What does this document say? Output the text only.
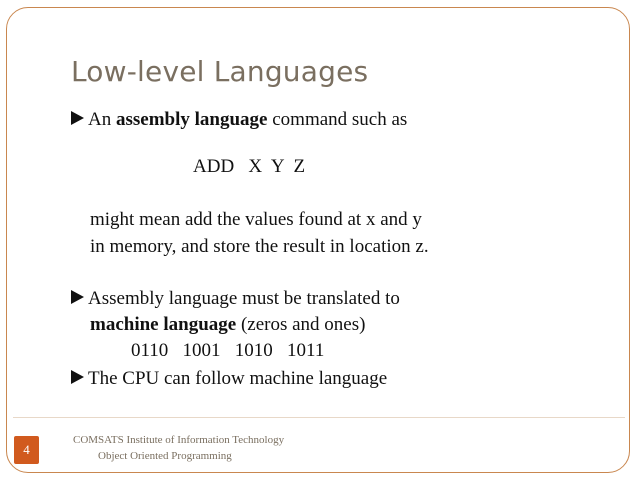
Low-level Languages
An assembly language command such as
ADD   X  Y  Z
might mean add the values found at x and y
in memory, and store the result in location z.
Assembly language must be translated to
machine language (zeros and ones)
0110   1001   1010   1011
The CPU can follow machine language
4
COMSATS Institute of Information Technology
Object Oriented Programming
